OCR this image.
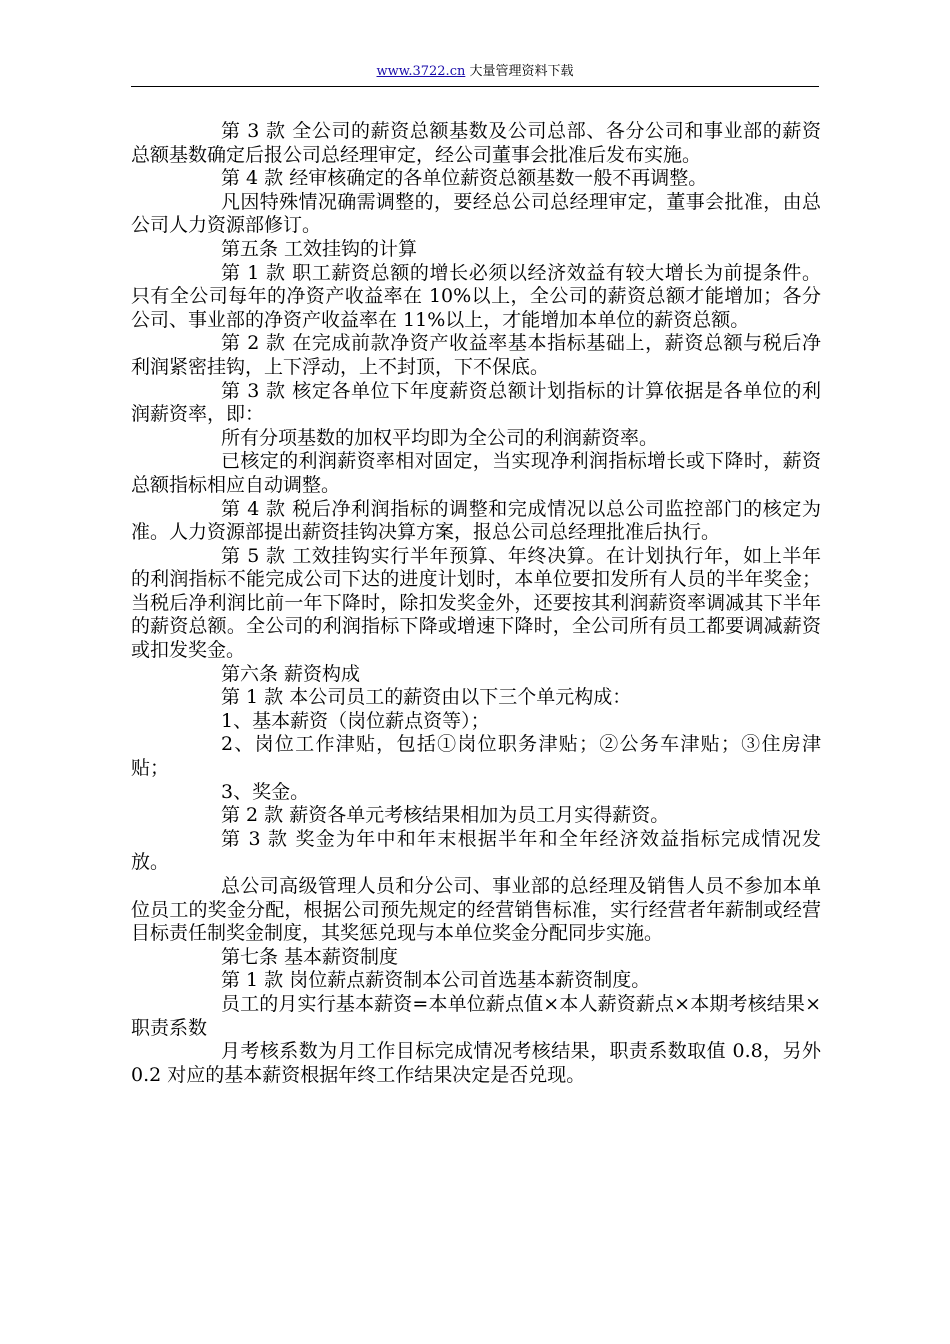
www.3722.cn 大量管理资料下载

第 3 款 全公司的薪资总额基数及公司总部、各分公司和事业部的薪资总额基数确定后报公司总经理审定，经公司董事会批准后发布实施。

第 4 款 经审核确定的各单位薪资总额基数一般不再调整。

凡因特殊情况确需调整的，要经总公司总经理审定，董事会批准，由总公司人力资源部修订。

第五条 工效挂钩的计算

第 1 款 职工薪资总额的增长必须以经济效益有较大增长为前提条件。只有全公司每年的净资产收益率在 10%以上，全公司的薪资总额才能增加；各分公司、事业部的净资产收益率在 11%以上，才能增加本单位的薪资总额。

第 2 款 在完成前款净资产收益率基本指标基础上，薪资总额与税后净利润紧密挂钩，上下浮动，上不封顶，下不保底。

第 3 款 核定各单位下年度薪资总额计划指标的计算依据是各单位的利润薪资率，即：

所有分项基数的加权平均即为全公司的利润薪资率。

已核定的利润薪资率相对固定，当实现净利润指标增长或下降时，薪资总额指标相应自动调整。

第 4 款 税后净利润指标的调整和完成情况以总公司监控部门的核定为准。人力资源部提出薪资挂钩决算方案，报总公司总经理批准后执行。

第 5 款 工效挂钩实行半年预算、年终决算。在计划执行年，如上半年的利润指标不能完成公司下达的进度计划时，本单位要扣发所有人员的半年奖金；当税后净利润比前一年下降时，除扣发奖金外，还要按其利润薪资率调减其下半年的薪资总额。全公司的利润指标下降或增速下降时，全公司所有员工都要调减薪资或扣发奖金。

第六条 薪资构成

第 1 款 本公司员工的薪资由以下三个单元构成：

1、基本薪资（岗位薪点资等）；

2、岗位工作津贴，包括①岗位职务津贴；②公务车津贴；③住房津贴；

3、奖金。

第 2 款 薪资各单元考核结果相加为员工月实得薪资。

第 3 款 奖金为年中和年末根据半年和全年经济效益指标完成情况发放。

总公司高级管理人员和分公司、事业部的总经理及销售人员不参加本单位员工的奖金分配，根据公司预先规定的经营销售标准，实行经营者年薪制或经营目标责任制奖金制度，其奖惩兑现与本单位奖金分配同步实施。

第七条 基本薪资制度

第 1 款 岗位薪点薪资制本公司首选基本薪资制度。

员工的月实行基本薪资=本单位薪点值×本人薪资薪点×本期考核结果×职责系数

月考核系数为月工作目标完成情况考核结果，职责系数取值 0.8，另外 0.2 对应的基本薪资根据年终工作结果决定是否兑现。
